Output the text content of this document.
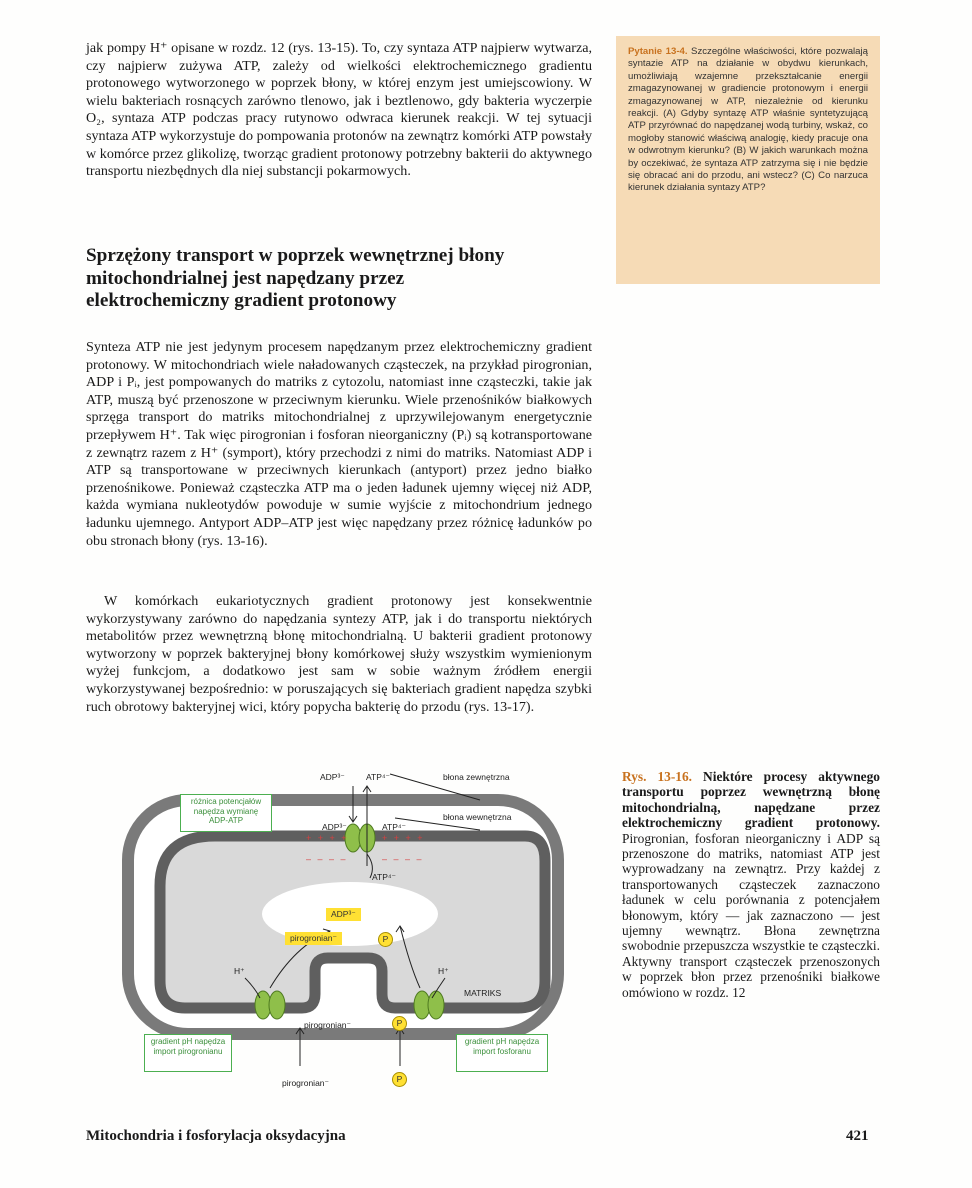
jak pompy H⁺ opisane w rozdz. 12 (rys. 13-15). To, czy syntaza ATP najpierw wytwarza, czy najpierw zużywa ATP, zależy od wielkości elektrochemicznego gradientu protonowego wytworzonego w poprzek błony, w której enzym jest umiejscowiony. W wielu bakteriach rosnących zarówno tlenowo, jak i beztlenowo, gdy bakteria wyczerpie O₂, syntaza ATP podczas pracy rutynowo odwraca kierunek reakcji. W tej sytuacji syntaza ATP wykorzystuje do pompowania protonów na zewnątrz komórki ATP powstały w komórce przez glikolizę, tworząc gradient protonowy potrzebny bakterii do aktywnego transportu niezbędnych dla niej substancji pokarmowych.

Sprzężony transport w poprzek wewnętrznej błony mitochondrialnej jest napędzany przez elektrochemiczny gradient protonowy

Synteza ATP nie jest jedynym procesem napędzanym przez elektrochemiczny gradient protonowy. W mitochondriach wiele naładowanych cząsteczek, na przykład pirogronian, ADP i Pᵢ, jest pompowanych do matriks z cytozolu, natomiast inne cząsteczki, takie jak ATP, muszą być przenoszone w przeciwnym kierunku. Wiele przenośników białkowych sprzęga transport do matriks mitochondrialnej z uprzywilejowanym energetycznie przepływem H⁺. Tak więc pirogronian i fosforan nieorganiczny (Pᵢ) są kotransportowane z zewnątrz razem z H⁺ (symport), który przechodzi z nimi do matriks. Natomiast ADP i ATP są transportowane w przeciwnych kierunkach (antyport) przez jedno białko przenośnikowe. Ponieważ cząsteczka ATP ma o jeden ładunek ujemny więcej niż ADP, każda wymiana nukleotydów powoduje w sumie wyjście z mitochondrium jednego ładunku ujemnego. Antyport ADP–ATP jest więc napędzany przez różnicę ładunków po obu stronach błony (rys. 13-16).

W komórkach eukariotycznych gradient protonowy jest konsekwentnie wykorzystywany zarówno do napędzania syntezy ATP, jak i do transportu niektórych metabolitów przez wewnętrzną błonę mitochondrialną. U bakterii gradient protonowy wytworzony w poprzek bakteryjnej błony komórkowej służy wszystkim wymienionym wyżej funkcjom, a dodatkowo jest sam w sobie ważnym źródłem energii wykorzystywanej bezpośrednio: w poruszających się bakteriach gradient napędza szybki ruch obrotowy bakteryjnej wici, który popycha bakterię do przodu (rys. 13-17).

Pytanie 13-4. Szczególne właściwości, które pozwalają syntazie ATP na działanie w obydwu kierunkach, umożliwiają wzajemne przekształcanie energii zmagazynowanej w gradiencie protonowym i energii zmagazynowanej w ATP, niezależnie od kierunku reakcji. (A) Gdyby syntazę ATP właśnie syntetyzującą ATP przyrównać do napędzanej wodą turbiny, wskaż, co mogłoby stanowić właściwą analogię, kiedy pracuje ona w odwrotnym kierunku? (B) W jakich warunkach można by oczekiwać, że syntaza ATP zatrzyma się i nie będzie się obracać ani do przodu, ani wstecz? (C) Co narzuca kierunek działania syntazy ATP?
ADP³⁻ ATP⁴⁻	błona zewnętrzna
błona wewnętrzna
ADP³⁻	ATP⁴⁻
ATP⁴⁻
+ + + +	+ + + +
– – – –	– – – –
różnica potencjałów napędza wymianę ADP-ATP
ADP³⁻
pirogronian⁻	P
H⁺	H⁺
MATRIKS
pirogronian⁻	P
gradient pH napędza import pirogronianu
gradient pH napędza import fosforanu
pirogronian⁻	P
Rys. 13-16. Niektóre procesy aktywnego transportu poprzez wewnętrzną błonę mitochondrialną, napędzane przez elektrochemiczny gradient protonowy. Pirogronian, fosforan nieorganiczny i ADP są przenoszone do matriks, natomiast ATP jest wyprowadzany na zewnątrz. Przy każdej z transportowanych cząsteczek zaznaczono ładunek w celu porównania z potencjałem błonowym, który — jak zaznaczono — jest ujemny wewnątrz. Błona zewnętrzna swobodnie przepuszcza wszystkie te cząsteczki. Aktywny transport cząsteczek przenoszonych w poprzek błon przez przenośniki białkowe omówiono w rozdz. 12
Mitochondria i fosforylacja oksydacyjna	421
